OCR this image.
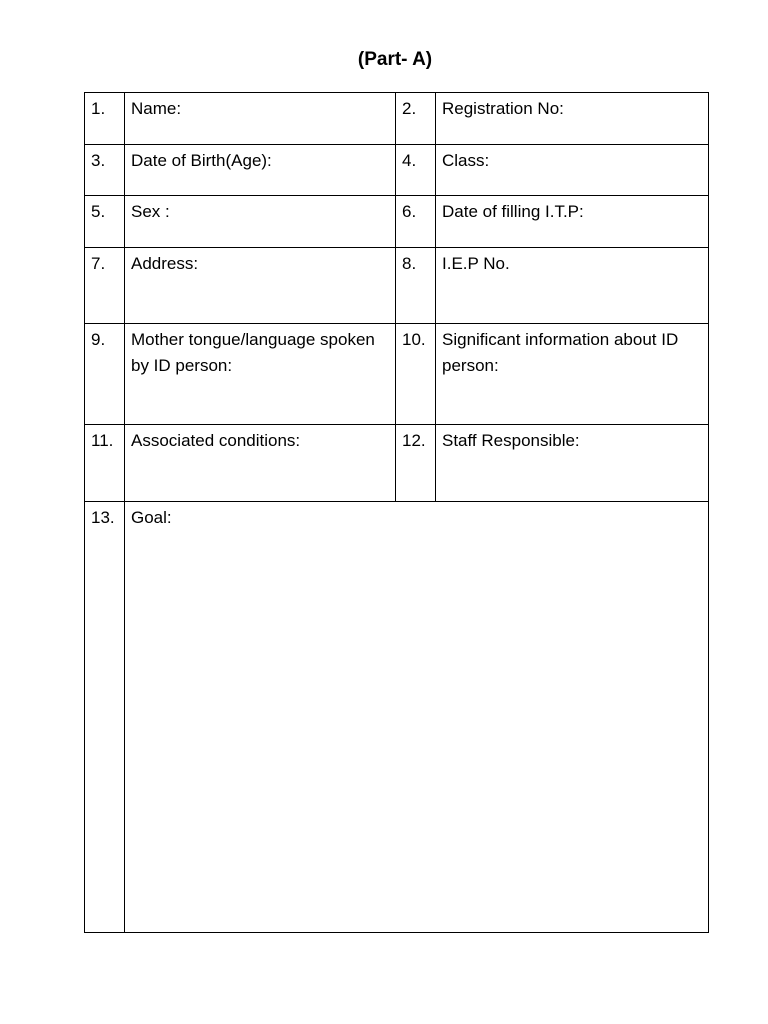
(Part- A)
1.	Name:	2.	Registration No:
3.	Date of Birth(Age):	4.	Class:
5.	Sex :	6.	Date of filling I.T.P:
7.	Address:	8.	I.E.P No.
9.	Mother tongue/language spoken by ID person:	10.	Significant information about ID person:
11.	Associated conditions:	12.	Staff Responsible:
13.	Goal:		
